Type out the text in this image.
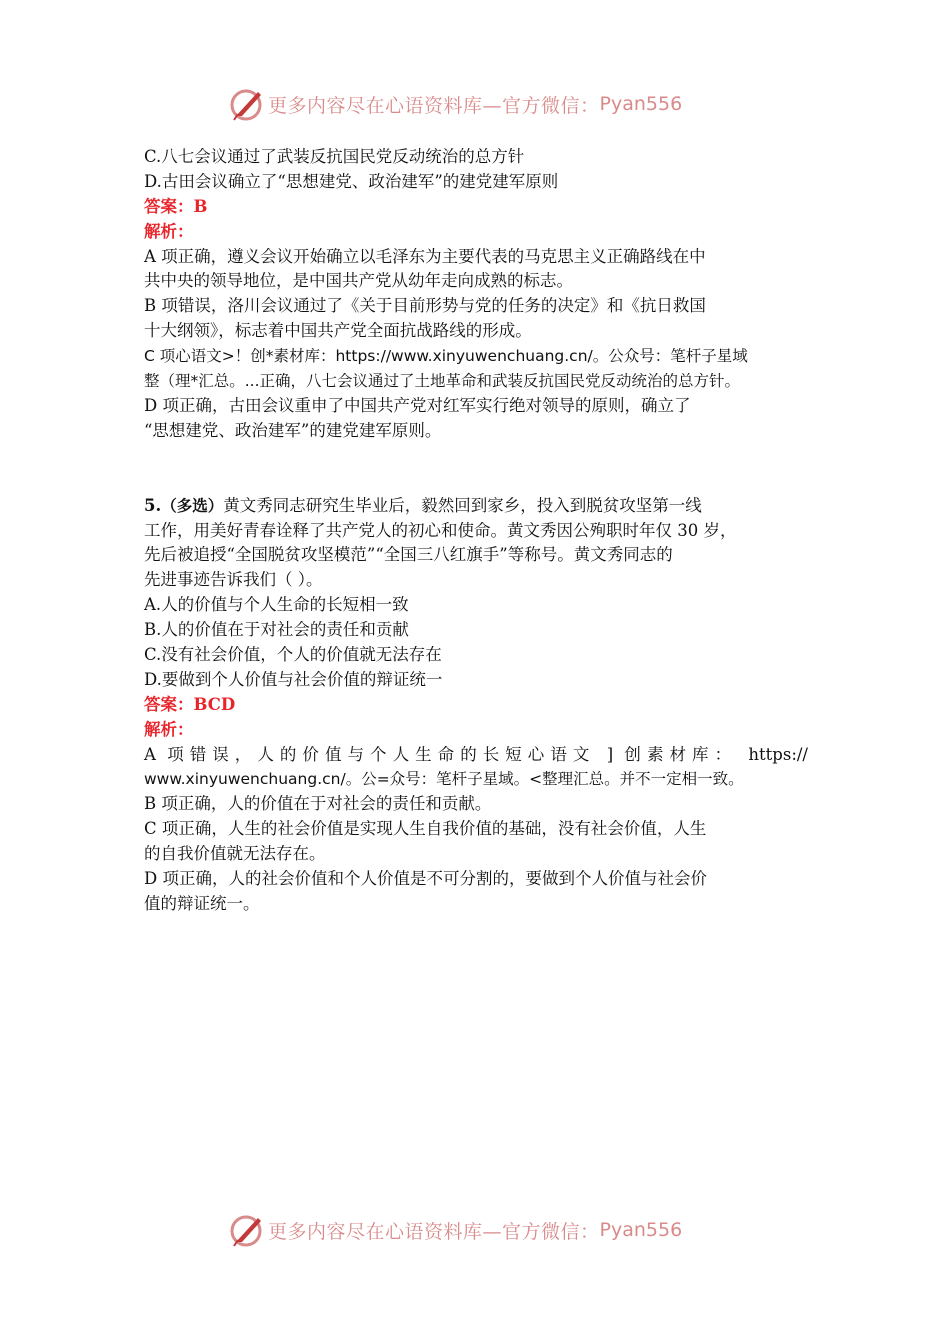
更多内容尽在心语资料库—官方微信： Pyan556
C.八七会议通过了武装反抗国民党反动统治的总方针
D.古田会议确立了“思想建党、政治建军”的建党建军原则
答案：B
解析：
A 项正确，遵义会议开始确立以毛泽东为主要代表的马克思主义正确路线在中
共中央的领导地位，是中国共产党从幼年走向成熟的标志。
B 项错误，洛川会议通过了《关于目前形势与党的任务的决定》和《抗日救国
十大纲领》，标志着中国共产党全面抗战路线的形成。
C 项心语文>！创*素材库：https://www.xinyuwenchuang.cn/。公众号：笔杆子星域
整（理*汇总。...正确，八七会议通过了土地革命和武装反抗国民党反动统治的总方针。
D 项正确，古田会议重申了中国共产党对红军实行绝对领导的原则，确立了
“思想建党、政治建军”的建党建军原则。
5.（多选）黄文秀同志研究生毕业后，毅然回到家乡，投入到脱贫攻坚第一线
工作，用美好青春诠释了共产党人的初心和使命。黄文秀因公殉职时年仅 30 岁，
先后被追授“全国脱贫攻坚模范”“全国三八红旗手”等称号。黄文秀同志的
先进事迹告诉我们（ ）。
A.人的价值与个人生命的长短相一致
B.人的价值在于对社会的责任和贡献
C.没有社会价值，个人的价值就无法存在
D.要做到个人价值与社会价值的辩证统一
答案：BCD
解析：
A 项错误，人的价值与个人生命的长短心语文 ] 创素材库： https://
www.xinyuwenchuang.cn/。公=众号：笔杆子星域。<整理汇总。并不一定相一致。
B 项正确，人的价值在于对社会的责任和贡献。
C 项正确，人生的社会价值是实现人生自我价值的基础，没有社会价值，人生
的自我价值就无法存在。
D 项正确，人的社会价值和个人价值是不可分割的，要做到个人价值与社会价
值的辩证统一。
更多内容尽在心语资料库—官方微信： Pyan556
